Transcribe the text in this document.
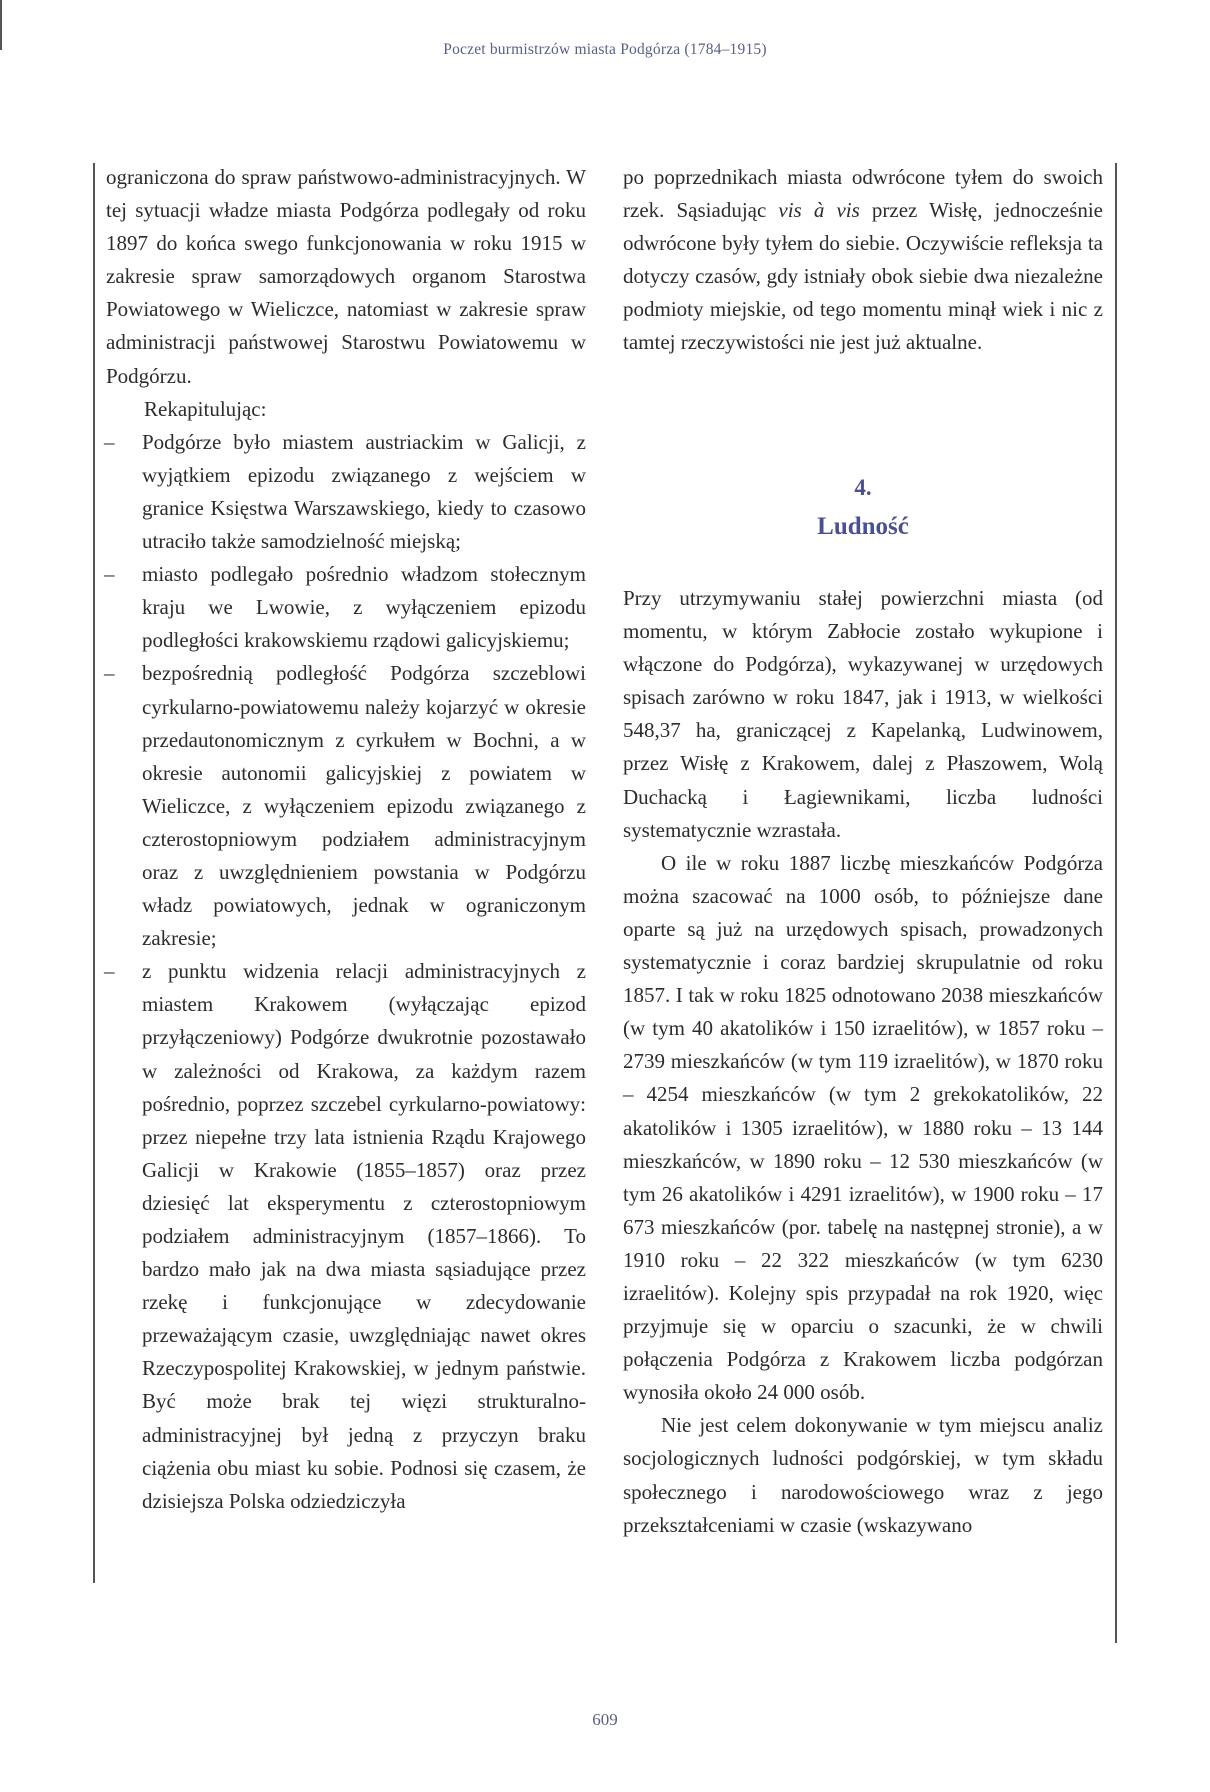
Poczet burmistrzów miasta Podgórza (1784–1915)

ograniczona do spraw państwowo-administracyjnych. W tej sytuacji władze miasta Podgórza podlegały od roku 1897 do końca swego funkcjonowania w roku 1915 w zakresie spraw samorządowych organom Starostwa Powiatowego w Wieliczce, natomiast w zakresie spraw administracji państwowej Starostwu Powiatowemu w Podgórzu.

Rekapitulując:

–	Podgórze było miastem austriackim w Galicji, z wyjątkiem epizodu związanego z wejściem w granice Księstwa Warszawskiego, kiedy to czasowo utraciło także samodzielność miejską;
–	miasto podlegało pośrednio władzom stołecznym kraju we Lwowie, z wyłączeniem epizodu podległości krakowskiemu rządowi galicyjskiemu;
–	bezpośrednią podległość Podgórza szczeblowi cyrkularno-powiatowemu należy kojarzyć w okresie przedautonomicznym z cyrkułem w Bochni, a w okresie autonomii galicyjskiej z powiatem w Wieliczce, z wyłączeniem epizodu związanego z czterostopniowym podziałem administracyjnym oraz z uwzględnieniem powstania w Podgórzu władz powiatowych, jednak w ograniczonym zakresie;
–	z punktu widzenia relacji administracyjnych z miastem Krakowem (wyłączając epizod przyłączeniowy) Podgórze dwukrotnie pozostawało w zależności od Krakowa, za każdym razem pośrednio, poprzez szczebel cyrkularno-powiatowy: przez niepełne trzy lata istnienia Rządu Krajowego Galicji w Krakowie (1855–1857) oraz przez dziesięć lat eksperymentu z czterostopniowym podziałem administracyjnym (1857–1866). To bardzo mało jak na dwa miasta sąsiadujące przez rzekę i funkcjonujące w zdecydowanie przeważającym czasie, uwzględniając nawet okres Rzeczypospolitej Krakowskiej, w jednym państwie. Być może brak tej więzi strukturalno-administracyjnej był jedną z przyczyn braku ciążenia obu miast ku sobie. Podnosi się czasem, że dzisiejsza Polska odziedziczyła

po poprzednikach miasta odwrócone tyłem do swoich rzek. Sąsiadując vis à vis przez Wisłę, jednocześnie odwrócone były tyłem do siebie. Oczywiście refleksja ta dotyczy czasów, gdy istniały obok siebie dwa niezależne podmioty miejskie, od tego momentu minął wiek i nic z tamtej rzeczywistości nie jest już aktualne.

4.
Ludność

Przy utrzymywaniu stałej powierzchni miasta (od momentu, w którym Zabłocie zostało wykupione i włączone do Podgórza), wykazywanej w urzędowych spisach zarówno w roku 1847, jak i 1913, w wielkości 548,37 ha, graniczącej z Kapelanką, Ludwinowem, przez Wisłę z Krakowem, dalej z Płaszowem, Wolą Duchacką i Łagiewnikami, liczba ludności systematycznie wzrastała.

O ile w roku 1887 liczbę mieszkańców Podgórza można szacować na 1000 osób, to późniejsze dane oparte są już na urzędowych spisach, prowadzonych systematycznie i coraz bardziej skrupulatnie od roku 1857. I tak w roku 1825 odnotowano 2038 mieszkańców (w tym 40 akatolików i 150 izraelitów), w 1857 roku – 2739 mieszkańców (w tym 119 izraelitów), w 1870 roku – 4254 mieszkańców (w tym 2 grekokatolików, 22 akatolików i 1305 izraelitów), w 1880 roku – 13 144 mieszkańców, w 1890 roku – 12 530 mieszkańców (w tym 26 akatolików i 4291 izraelitów), w 1900 roku – 17 673 mieszkańców (por. tabelę na następnej stronie), a w 1910 roku – 22 322 mieszkańców (w tym 6230 izraelitów). Kolejny spis przypadał na rok 1920, więc przyjmuje się w oparciu o szacunki, że w chwili połączenia Podgórza z Krakowem liczba podgórzan wynosiła około 24 000 osób.

Nie jest celem dokonywanie w tym miejscu analiz socjologicznych ludności podgórskiej, w tym składu społecznego i narodowościowego wraz z jego przekształceniami w czasie (wskazywano

609
